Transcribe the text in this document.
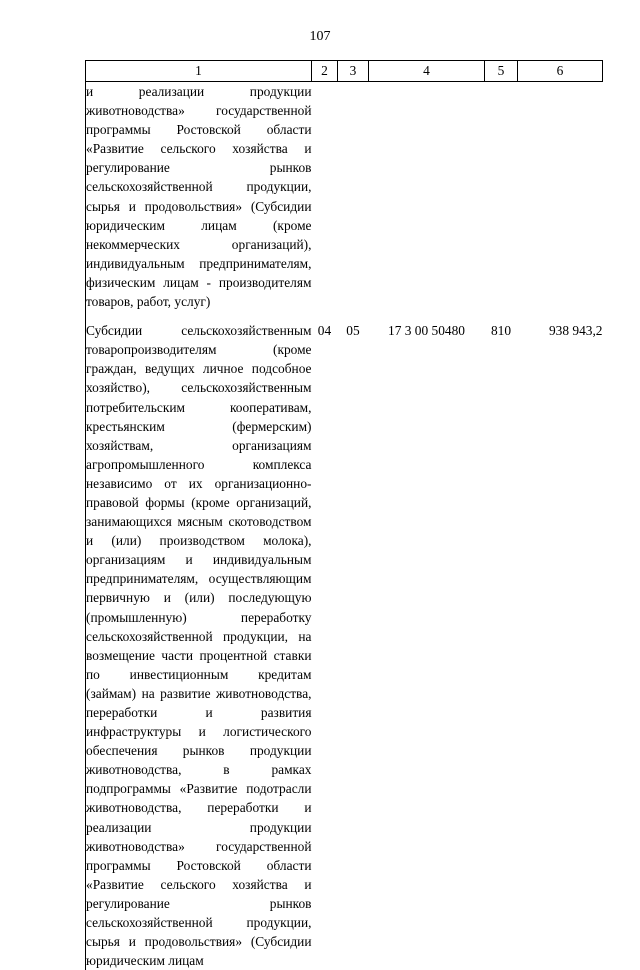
107
1	2	3	4	5	6

и реализации продукции животноводства» государственной программы Ростовской области «Развитие сельского хозяйства и регулирование рынков сельскохозяйственной продукции, сырья и продовольствия» (Субсидии юридическим лицам (кроме некоммерческих организаций), индивидуальным предпринимателям, физическим лицам - производителям товаров, работ, услуг)					

Субсидии сельскохозяйственным товаропроизводителям (кроме граждан, ведущих личное подсобное хозяйство), сельскохозяйственным потребительским кооперативам, крестьянским (фермерским) хозяйствам, организациям агропромышленного комплекса независимо от их организационно-правовой формы (кроме организаций, занимающихся мясным скотоводством и (или) производством молока), организациям и индивидуальным предпринимателям, осуществляющим первичную и (или) последующую (промышленную) переработку сельскохозяйственной продукции, на возмещение части процентной ставки по инвестиционным кредитам (займам) на развитие животноводства, переработки и развития инфраструктуры и логистического обеспечения рынков продукции животноводства, в рамках подпрограммы «Развитие подотрасли животноводства, переработки и реализации продукции животноводства» государственной программы Ростовской области «Развитие сельского хозяйства и регулирование рынков сельскохозяйственной продукции, сырья и продовольствия» (Субсидии юридическим лицам	04	05	17 3 00 50480	810	938 943,2
